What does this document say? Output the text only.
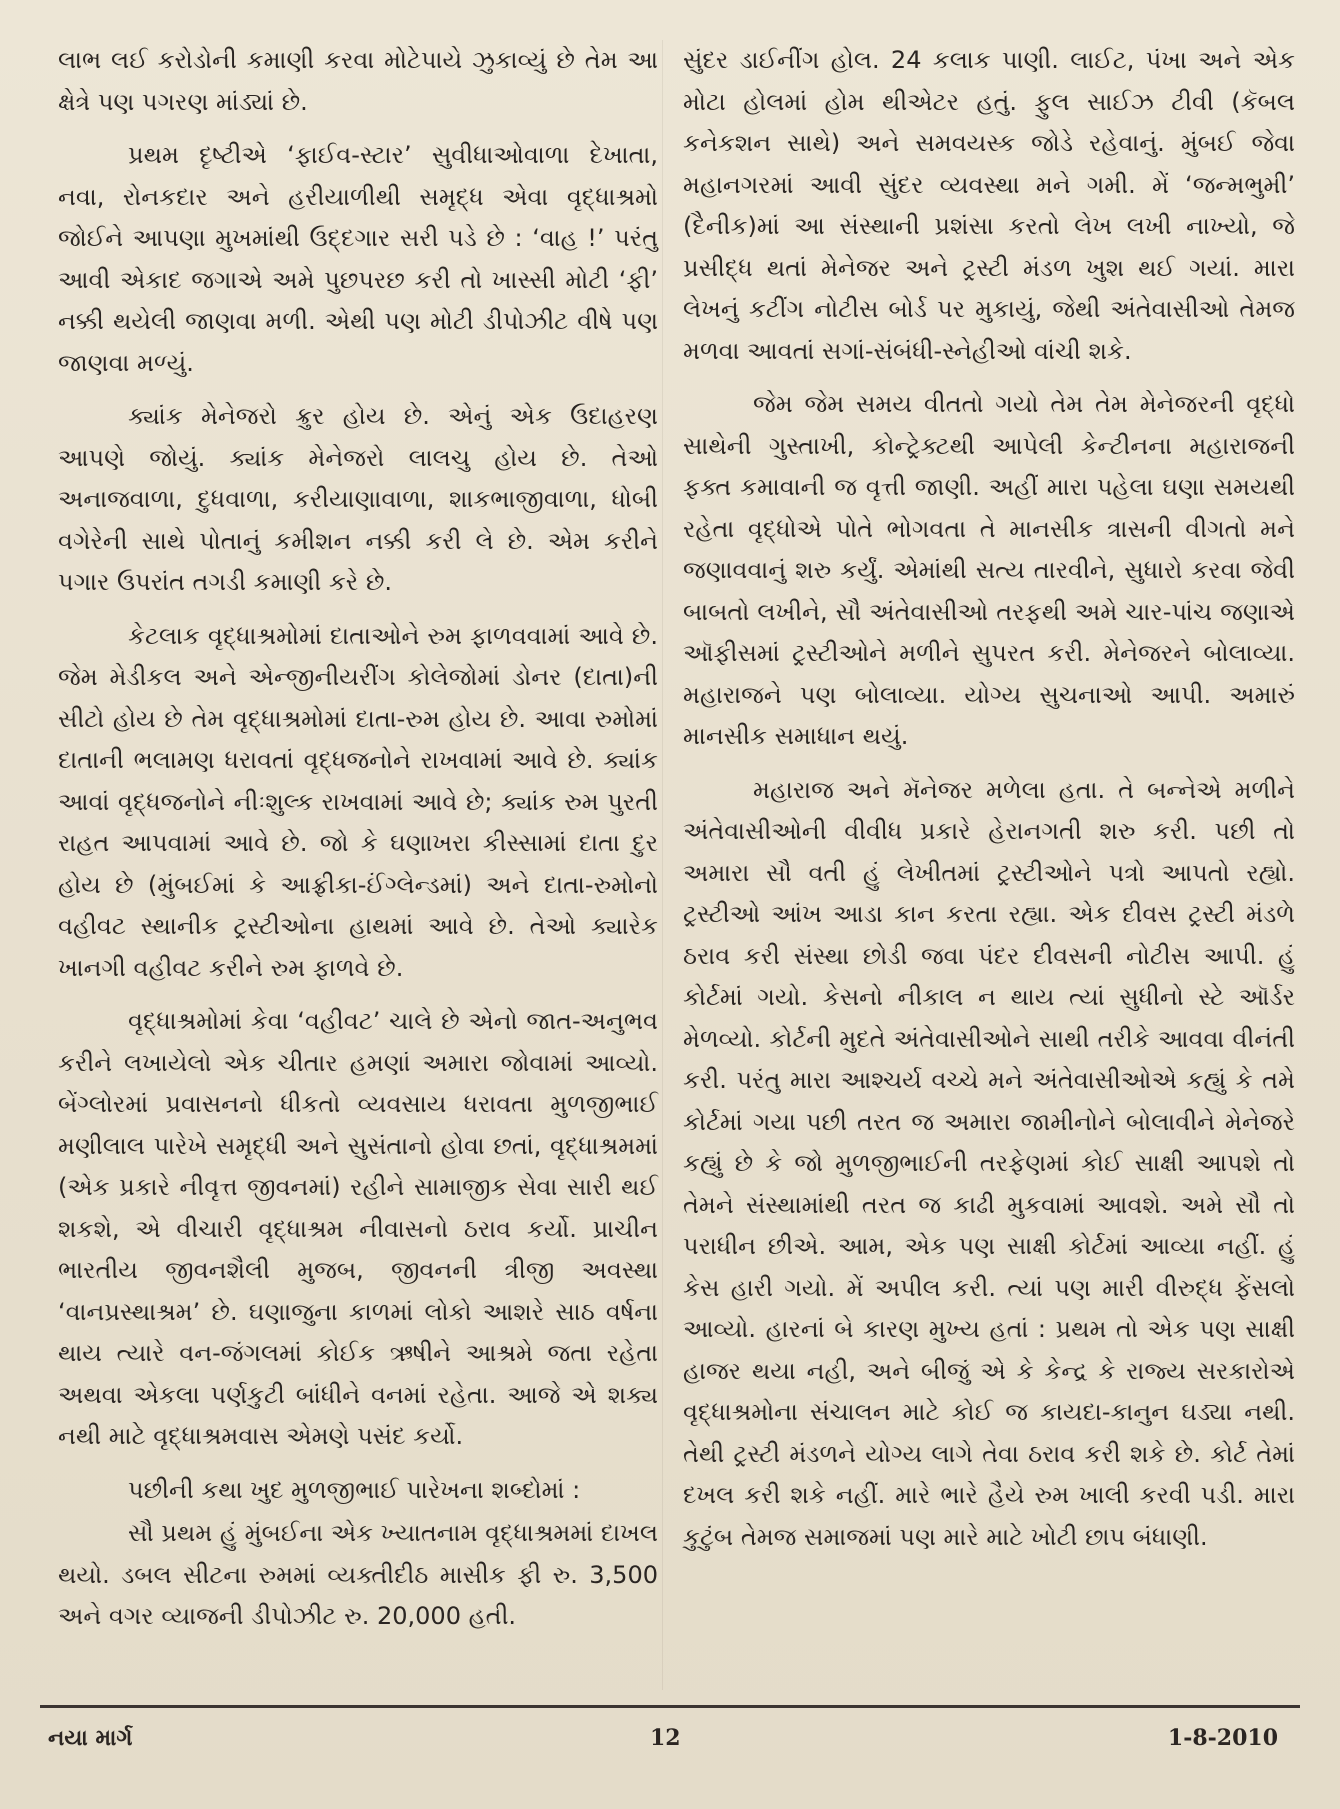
લાભ લઈ કરોડોની કમાણી કરવા મોટેપાયે ઝુકાવ્યું છે તેમ આ ક્ષેત્રે પણ પગરણ માંડ્યાં છે.

પ્રથમ દૃષ્ટીએ ‘ફાઈવ-સ્ટાર’ સુવીધાઓવાળા દેખાતા, નવા, રોનકદાર અને હરીયાળીથી સમૃદ્ધ એવા વૃદ્ધાશ્રમો જોઈને આપણા મુખમાંથી ઉદ્દગાર સરી પડે છે : ‘વાહ !’ પરંતુ આવી એકાદ જગાએ અમે પુછપરછ કરી તો ખાસ્સી મોટી ‘ફી’ નક્કી થયેલી જાણવા મળી. એથી પણ મોટી ડીપોઝીટ વીષે પણ જાણવા મળ્યું.

ક્યાંક મેનેજરો ક્રુર હોય છે. એનું એક ઉદાહરણ આપણે જોયું. ક્યાંક મેનેજરો લાલચુ હોય છે. તેઓ અનાજવાળા, દુધવાળા, કરીયાણાવાળા, શાકભાજીવાળા, ધોબી વગેરેની સાથે પોતાનું કમીશન નક્કી કરી લે છે. એમ કરીને પગાર ઉપરાંત તગડી કમાણી કરે છે.

કેટલાક વૃદ્ધાશ્રમોમાં દાતાઓને રુમ ફાળવવામાં આવે છે. જેમ મેડીકલ અને એન્જીનીયરીંગ કોલેજોમાં ડોનર (દાતા)ની સીટો હોય છે તેમ વૃદ્ધાશ્રમોમાં દાતા-રુમ હોય છે. આવા રુમોમાં દાતાની ભલામણ ધરાવતાં વૃદ્ધજનોને રાખવામાં આવે છે. ક્યાંક આવાં વૃદ્ધજનોને નીઃશુલ્ક રાખવામાં આવે છે; ક્યાંક રુમ પુરતી રાહત આપવામાં આવે છે. જો કે ઘણાખરા કીસ્સામાં દાતા દુર હોય છે (મુંબઈમાં કે આફ્રીકા-ઈંગ્લેન્ડમાં) અને દાતા-રુમોનો વહીવટ સ્થાનીક ટ્રસ્ટીઓના હાથમાં આવે છે. તેઓ ક્યારેક ખાનગી વહીવટ કરીને રુમ ફાળવે છે.

વૃદ્ધાશ્રમોમાં કેવા ‘વહીવટ’ ચાલે છે એનો જાત-અનુભવ કરીને લખાયેલો એક ચીતાર હમણાં અમારા જોવામાં આવ્યો. બેંગ્લોરમાં પ્રવાસનનો ધીકતો વ્યવસાય ધરાવતા મુળજીભાઈ મણીલાલ પારેખે સમૃદ્ધી અને સુસંતાનો હોવા છતાં, વૃદ્ધાશ્રમમાં (એક પ્રકારે નીવૃત્ત જીવનમાં) રહીને સામાજીક સેવા સારી થઈ શકશે, એ વીચારી વૃદ્ધાશ્રમ નીવાસનો ઠરાવ કર્યો. પ્રાચીન ભારતીય જીવનશૈલી મુજબ, જીવનની ત્રીજી અવસ્થા ‘વાનપ્રસ્થાશ્રમ’ છે. ઘણાજુના કાળમાં લોકો આશરે સાઠ વર્ષના થાય ત્યારે વન-જંગલમાં કોઈક ઋષીને આશ્રમે જતા રહેતા અથવા એકલા પર્ણકુટી બાંધીને વનમાં રહેતા. આજે એ શક્ય નથી માટે વૃદ્ધાશ્રમવાસ એમણે પસંદ કર્યો.

પછીની કથા ખુદ મુળજીભાઈ પારેખના શબ્દોમાં :

સૌ પ્રથમ હું મુંબઈના એક ખ્યાતનામ વૃદ્ધાશ્રમમાં દાખલ થયો. ડબલ સીટના રુમમાં વ્યક્તીદીઠ માસીક ફી રુ. 3,500 અને વગર વ્યાજની ડીપોઝીટ રુ. 20,000 હતી.

સુંદર ડાઈનીંગ હોલ. 24 કલાક પાણી. લાઈટ, પંખા અને એક મોટા હોલમાં હોમ થીએટર હતું. ફુલ સાઈઝ ટીવી (કૅબલ કનેકશન સાથે) અને સમવયસ્ક જોડે રહેવાનું. મુંબઈ જેવા મહાનગરમાં આવી સુંદર વ્યવસ્થા મને ગમી. મેં ‘જન્મભુમી’ (દૈનીક)માં આ સંસ્થાની પ્રશંસા કરતો લેખ લખી નાખ્યો, જે પ્રસીદ્ધ થતાં મેનેજર અને ટ્રસ્ટી મંડળ ખુશ થઈ ગયાં. મારા લેખનું કટીંગ નોટીસ બોર્ડ પર મુકાયું, જેથી અંતેવાસીઓ તેમજ મળવા આવતાં સગાં-સંબંધી-સ્નેહીઓ વાંચી શકે.

જેમ જેમ સમય વીતતો ગયો તેમ તેમ મેનેજરની વૃદ્ધો સાથેની ગુસ્તાખી, કોન્ટ્રેક્ટથી આપેલી કેન્ટીનના મહારાજની ફક્ત કમાવાની જ વૃત્તી જાણી. અહીં મારા પહેલા ઘણા સમયથી રહેતા વૃદ્ધોએ પોતે ભોગવતા તે માનસીક ત્રાસની વીગતો મને જણાવવાનું શરુ કર્યું. એમાંથી સત્ય તારવીને, સુધારો કરવા જેવી બાબતો લખીને, સૌ અંતેવાસીઓ તરફથી અમે ચાર-પાંચ જણાએ ઑફીસમાં ટ્રસ્ટીઓને મળીને સુપરત કરી. મેનેજરને બોલાવ્યા. મહારાજને પણ બોલાવ્યા. યોગ્ય સુચનાઓ આપી. અમારું માનસીક સમાધાન થયું.

મહારાજ અને મૅનેજર મળેલા હતા. તે બન્નેએ મળીને અંતેવાસીઓની વીવીધ પ્રકારે હેરાનગતી શરુ કરી. પછી તો અમારા સૌ વતી હું લેખીતમાં ટ્રસ્ટીઓને પત્રો આપતો રહ્યો. ટ્રસ્ટીઓ આંખ આડા કાન કરતા રહ્યા. એક દીવસ ટ્રસ્ટી મંડળે ઠરાવ કરી સંસ્થા છોડી જવા પંદર દીવસની નોટીસ આપી. હું કોર્ટમાં ગયો. કેસનો નીકાલ ન થાય ત્યાં સુધીનો સ્ટે ઑર્ડર મેળવ્યો. કોર્ટની મુદતે અંતેવાસીઓને સાથી તરીકે આવવા વીનંતી કરી. પરંતુ મારા આશ્ચર્ય વચ્ચે મને અંતેવાસીઓએ કહ્યું કે તમે કોર્ટમાં ગયા પછી તરત જ અમારા જામીનોને બોલાવીને મેનેજરે કહ્યું છે કે જો મુળજીભાઈની તરફેણમાં કોઈ સાક્ષી આપશે તો તેમને સંસ્થામાંથી તરત જ કાઢી મુકવામાં આવશે. અમે સૌ તો પરાધીન છીએ. આમ, એક પણ સાક્ષી કોર્ટમાં આવ્યા નહીં. હું કેસ હારી ગયો. મેં અપીલ કરી. ત્યાં પણ મારી વીરુદ્ધ ફેંસલો આવ્યો. હારનાં બે કારણ મુખ્ય હતાં : પ્રથમ તો એક પણ સાક્ષી હાજર થયા નહી, અને બીજું એ કે કેન્દ્ર કે રાજ્ય સરકારોએ વૃદ્ધાશ્રમોના સંચાલન માટે કોઈ જ કાયદા-કાનુન ઘડ્યા નથી. તેથી ટ્રસ્ટી મંડળને યોગ્ય લાગે તેવા ઠરાવ કરી શકે છે. કોર્ટ તેમાં દખલ કરી શકે નહીં. મારે ભારે હૈયે રુમ ખાલી કરવી પડી. મારા કુટુંબ તેમજ સમાજમાં પણ મારે માટે ખોટી છાપ બંધાણી.

નયા માર્ગ	12	1-8-2010
